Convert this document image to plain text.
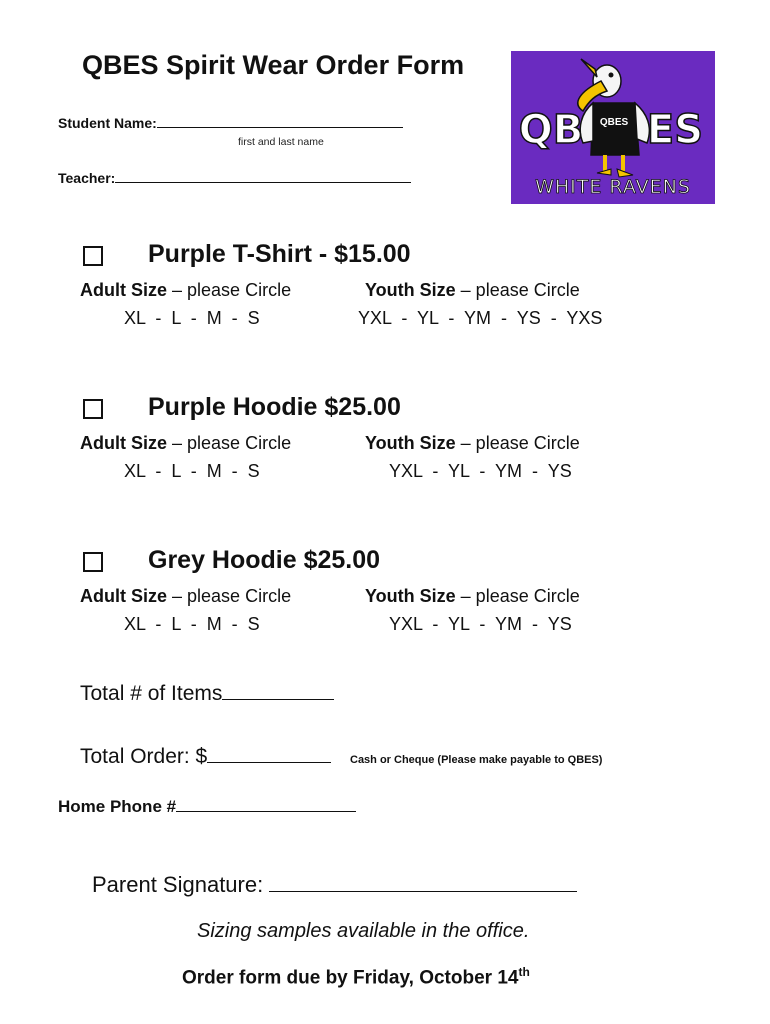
QBES Spirit Wear Order Form
Student Name:
first and last name
Teacher:
QBES
QB ES
WHITE RAVENS
Purple T-Shirt - $15.00
Adult Size – please Circle
XL  -  L  -  M  -  S
Youth Size – please Circle
YXL  -  YL  -  YM  -  YS  -  YXS
Purple Hoodie $25.00
Adult Size – please Circle
XL  -  L  -  M  -  S
Youth Size – please Circle
YXL  -  YL  -  YM  -  YS
Grey Hoodie $25.00
Adult Size – please Circle
XL  -  L  -  M  -  S
Youth Size – please Circle
YXL  -  YL  -  YM  -  YS
Total # of Items
Total Order: $	Cash or Cheque (Please make payable to QBES)
Home Phone #
Parent Signature:
Sizing samples available in the office.
Order form due by Friday, October 14th
